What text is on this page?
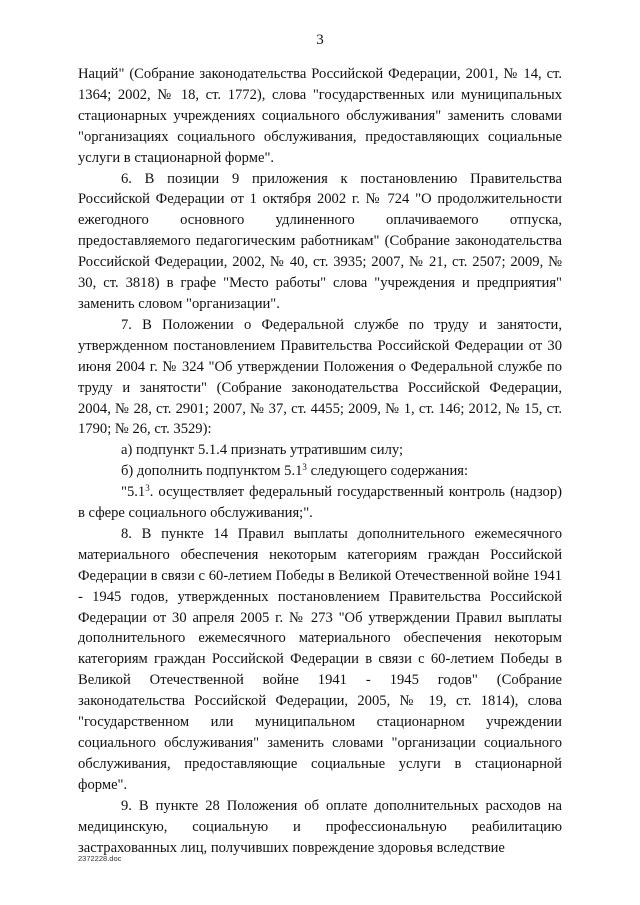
3

Наций" (Собрание законодательства Российской Федерации, 2001, № 14, ст. 1364; 2002, № 18, ст. 1772), слова "государственных или муниципальных стационарных учреждениях социального обслуживания" заменить словами "организациях социального обслуживания, предоставляющих социальные услуги в стационарной форме".

6. В позиции 9 приложения к постановлению Правительства Российской Федерации от 1 октября 2002 г. № 724 "О продолжительности ежегодного основного удлиненного оплачиваемого отпуска, предоставляемого педагогическим работникам" (Собрание законодательства Российской Федерации, 2002, № 40, ст. 3935; 2007, № 21, ст. 2507; 2009, № 30, ст. 3818) в графе "Место работы" слова "учреждения и предприятия" заменить словом "организации".

7. В Положении о Федеральной службе по труду и занятости, утвержденном постановлением Правительства Российской Федерации от 30 июня 2004 г. № 324 "Об утверждении Положения о Федеральной службе по труду и занятости" (Собрание законодательства Российской Федерации, 2004, № 28, ст. 2901; 2007, № 37, ст. 4455; 2009, № 1, ст. 146; 2012, № 15, ст. 1790; № 26, ст. 3529):

а) подпункт 5.1.4 признать утратившим силу;

б) дополнить подпунктом $5.1^3$ следующего содержания:

"$5.1^3$. осуществляет федеральный государственный контроль (надзор) в сфере социального обслуживания;".

8. В пункте 14 Правил выплаты дополнительного ежемесячного материального обеспечения некоторым категориям граждан Российской Федерации в связи с 60-летием Победы в Великой Отечественной войне 1941 - 1945 годов, утвержденных постановлением Правительства Российской Федерации от 30 апреля 2005 г. № 273 "Об утверждении Правил выплаты дополнительного ежемесячного материального обеспечения некоторым категориям граждан Российской Федерации в связи с 60-летием Победы в Великой Отечественной войне 1941 - 1945 годов" (Собрание законодательства Российской Федерации, 2005, № 19, ст. 1814), слова "государственном или муниципальном стационарном учреждении социального обслуживания" заменить словами "организации социального обслуживания, предоставляющие социальные услуги в стационарной форме".

9. В пункте 28 Положения об оплате дополнительных расходов на медицинскую, социальную и профессиональную реабилитацию застрахованных лиц, получивших повреждение здоровья вследствие

2372228.doc
